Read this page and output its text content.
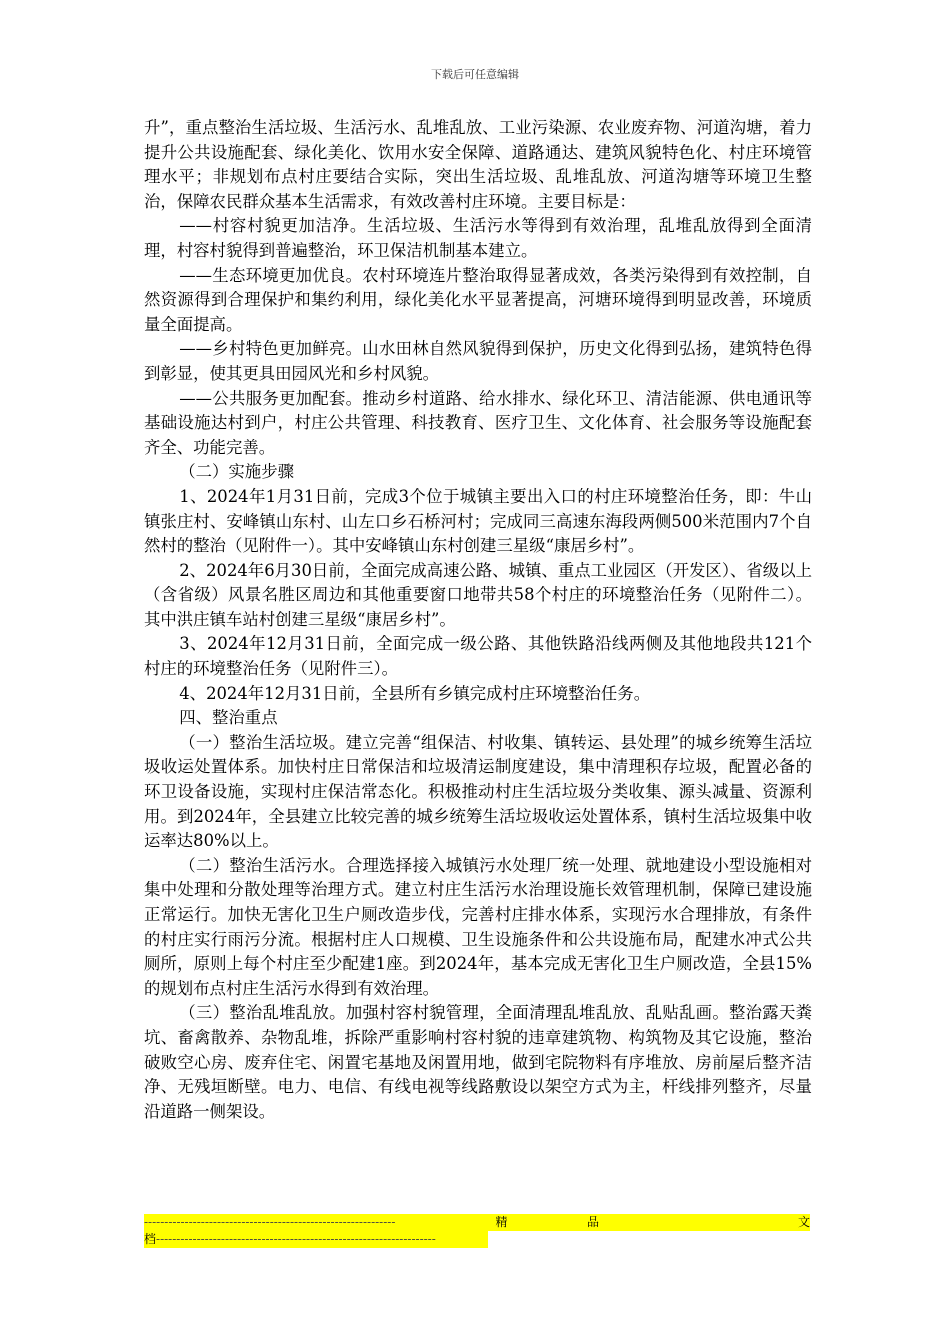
下载后可任意编辑

升”，重点整治生活垃圾、生活污水、乱堆乱放、工业污染源、农业废弃物、河道沟塘，着力提升公共设施配套、绿化美化、饮用水安全保障、道路通达、建筑风貌特色化、村庄环境管理水平；非规划布点村庄要结合实际，突出生活垃圾、乱堆乱放、河道沟塘等环境卫生整治，保障农民群众基本生活需求，有效改善村庄环境。主要目标是：

——村容村貌更加洁净。生活垃圾、生活污水等得到有效治理，乱堆乱放得到全面清理，村容村貌得到普遍整治，环卫保洁机制基本建立。

——生态环境更加优良。农村环境连片整治取得显著成效，各类污染得到有效控制，自然资源得到合理保护和集约利用，绿化美化水平显著提高，河塘环境得到明显改善，环境质量全面提高。

——乡村特色更加鲜亮。山水田林自然风貌得到保护，历史文化得到弘扬，建筑特色得到彰显，使其更具田园风光和乡村风貌。

——公共服务更加配套。推动乡村道路、给水排水、绿化环卫、清洁能源、供电通讯等基础设施达村到户，村庄公共管理、科技教育、医疗卫生、文化体育、社会服务等设施配套齐全、功能完善。

（二）实施步骤

1、2024年1月31日前，完成3个位于城镇主要出入口的村庄环境整治任务，即：牛山镇张庄村、安峰镇山东村、山左口乡石桥河村；完成同三高速东海段两侧500米范围内7个自然村的整治（见附件一）。其中安峰镇山东村创建三星级“康居乡村”。

2、2024年6月30日前，全面完成高速公路、城镇、重点工业园区（开发区）、省级以上（含省级）风景名胜区周边和其他重要窗口地带共58个村庄的环境整治任务（见附件二）。其中洪庄镇车站村创建三星级“康居乡村”。

3、2024年12月31日前，全面完成一级公路、其他铁路沿线两侧及其他地段共121个村庄的环境整治任务（见附件三）。

4、2024年12月31日前，全县所有乡镇完成村庄环境整治任务。

四、整治重点

（一）整治生活垃圾。建立完善“组保洁、村收集、镇转运、县处理”的城乡统筹生活垃圾收运处置体系。加快村庄日常保洁和垃圾清运制度建设，集中清理积存垃圾，配置必备的环卫设备设施，实现村庄保洁常态化。积极推动村庄生活垃圾分类收集、源头减量、资源利用。到2024年，全县建立比较完善的城乡统筹生活垃圾收运处置体系，镇村生活垃圾集中收运率达80%以上。

（二）整治生活污水。合理选择接入城镇污水处理厂统一处理、就地建设小型设施相对集中处理和分散处理等治理方式。建立村庄生活污水治理设施长效管理机制，保障已建设施正常运行。加快无害化卫生户厕改造步伐，完善村庄排水体系，实现污水合理排放，有条件的村庄实行雨污分流。根据村庄人口规模、卫生设施条件和公共设施布局，配建水冲式公共厕所，原则上每个村庄至少配建1座。到2024年，基本完成无害化卫生户厕改造，全县15%的规划布点村庄生活污水得到有效治理。

（三）整治乱堆乱放。加强村容村貌管理，全面清理乱堆乱放、乱贴乱画。整治露天粪坑、畜禽散养、杂物乱堆，拆除严重影响村容村貌的违章建筑物、构筑物及其它设施，整治破败空心房、废弃住宅、闲置宅基地及闲置用地，做到宅院物料有序堆放、房前屋后整齐洁净、无残垣断壁。电力、电信、有线电视等线路敷设以架空方式为主，杆线排列整齐，尽量沿道路一侧架设。

--------------------------------------------------------------	精	品	文
档---------------------------------------------------------------------
